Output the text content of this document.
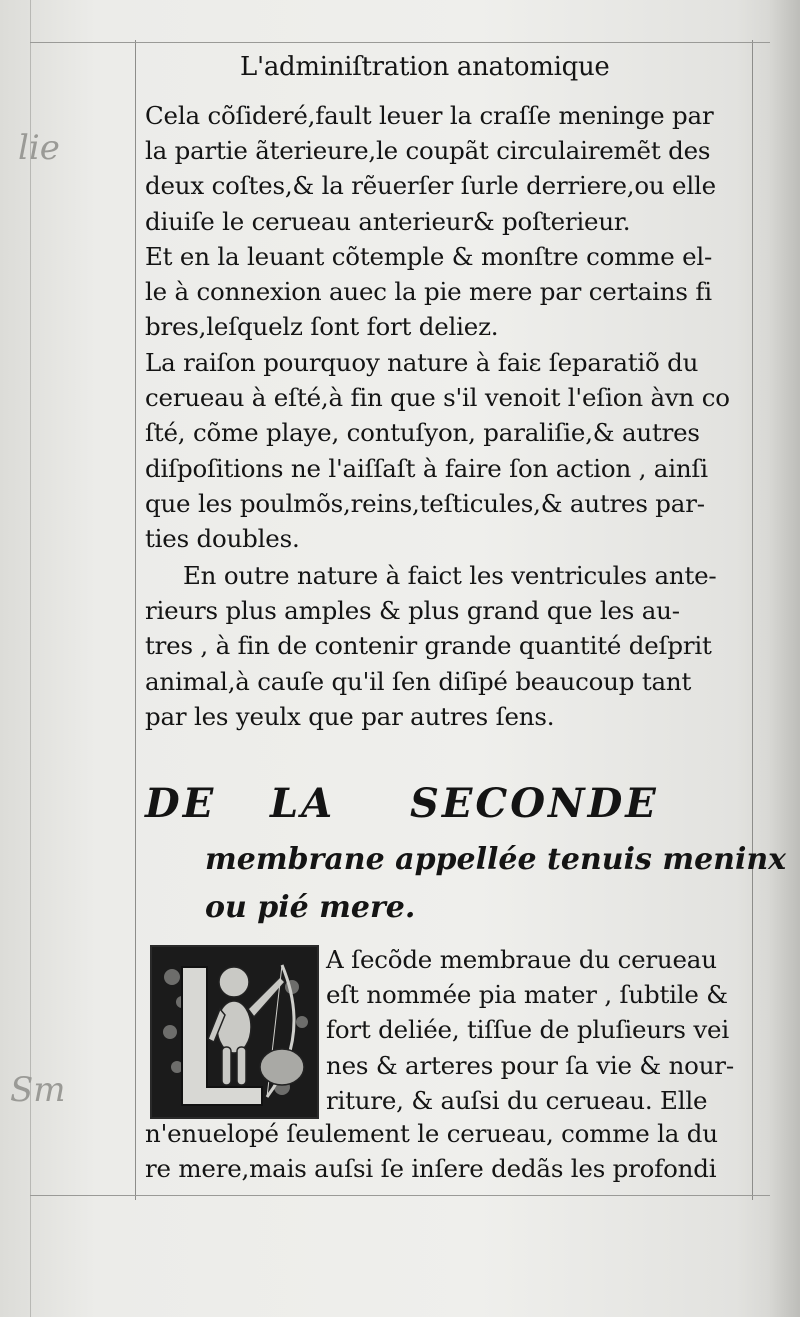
L'adminiſtration anatomique
lie
Sm
Cela cõſideré,fault leuer la craſſe meninge par
la partie ãterieure,le coupãt circulairemẽt des
deux coſtes,& la rẽuerſer ſurle derriere,ou elle
diuiſe le cerueau anterieur& poſterieur.
Et en la leuant cõtemple & monſtre comme el-
le à connexion auec la pie mere par certains fi
bres,leſquelz ſont fort deliez.
La raiſon pourquoy nature à faiɛ ſeparatiõ du
cerueau à eſté,à fin que s'il venoit l'eſion àvn co
ſté, cõme playe, contuſyon, paraliſie,& autres
diſpoſitions ne l'aiſſaſt à faire ſon action , ainſi
que les poulmõs,reins,teſticules,& autres par-
ties doubles.
En outre nature à faict les ventricules ante-
rieurs plus amples & plus grand que les au-
tres , à fin de contenir grande quantité deſprit
animal,à cauſe qu'il ſen diſipé beaucoup tant
par les yeulx que par autres ſens.
DE LA SECONDE
membrane appellée tenuis meninx
ou pié mere.
A ſecõde membraue du cerueau
eſt nommée pia mater , ſubtile &
fort deliée, tiſſue de pluſieurs vei
nes & arteres pour ſa vie & nour-
riture, & auſsi du cerueau. Elle
n'enuelopé ſeulement le cerueau, comme la du
re mere,mais auſsi ſe inſere dedãs les profondi
